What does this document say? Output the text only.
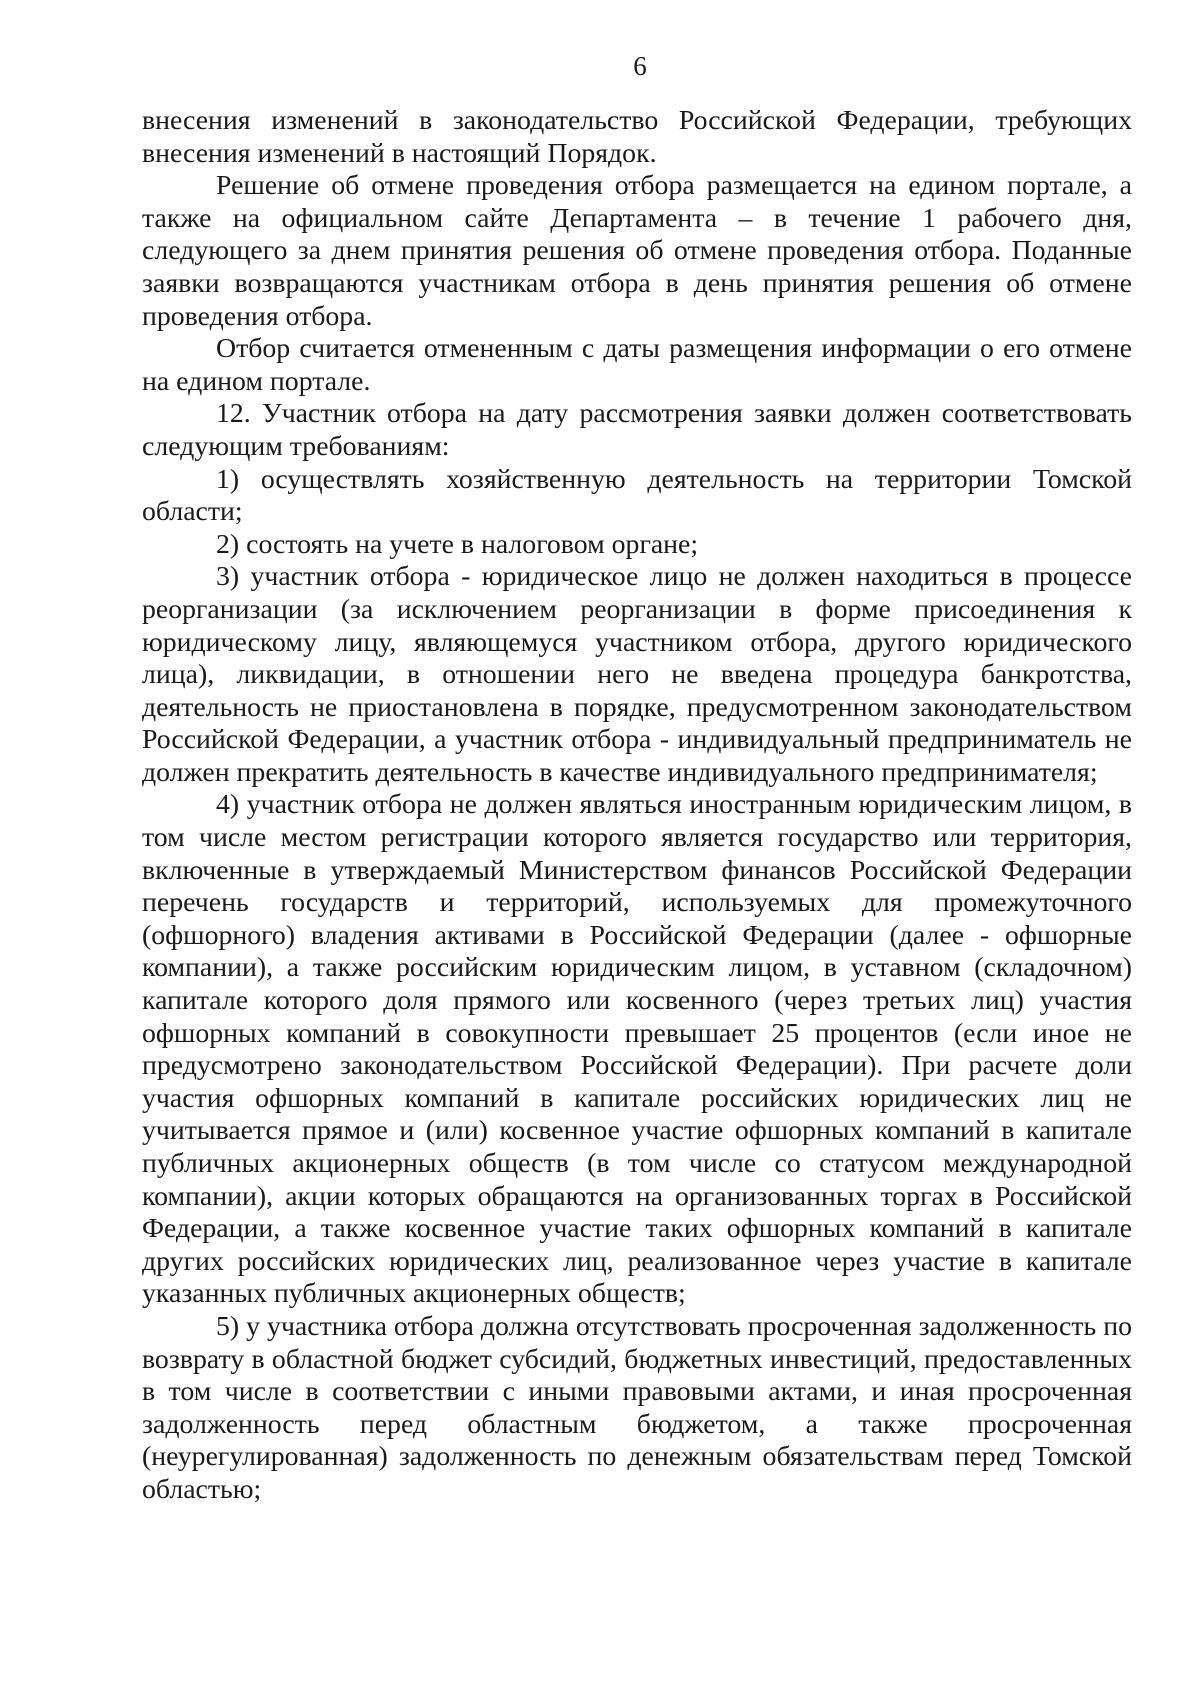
6

внесения изменений в законодательство Российской Федерации, требующих внесения изменений в настоящий Порядок.

Решение об отмене проведения отбора размещается на едином портале, а также на официальном сайте Департамента – в течение 1 рабочего дня, следующего за днем принятия решения об отмене проведения отбора. Поданные заявки возвращаются участникам отбора в день принятия решения об отмене проведения отбора.

Отбор считается отмененным с даты размещения информации о его отмене на едином портале.

12. Участник отбора на дату рассмотрения заявки должен соответствовать следующим требованиям:

1) осуществлять хозяйственную деятельность на территории Томской области;

2) состоять на учете в налоговом органе;

3) участник отбора - юридическое лицо не должен находиться в процессе реорганизации (за исключением реорганизации в форме присоединения к юридическому лицу, являющемуся участником отбора, другого юридического лица), ликвидации, в отношении него не введена процедура банкротства, деятельность не приостановлена в порядке, предусмотренном законодательством Российской Федерации, а участник отбора - индивидуальный предприниматель не должен прекратить деятельность в качестве индивидуального предпринимателя;

4) участник отбора не должен являться иностранным юридическим лицом, в том числе местом регистрации которого является государство или территория, включенные в утверждаемый Министерством финансов Российской Федерации перечень государств и территорий, используемых для промежуточного (офшорного) владения активами в Российской Федерации (далее - офшорные компании), а также российским юридическим лицом, в уставном (складочном) капитале которого доля прямого или косвенного (через третьих лиц) участия офшорных компаний в совокупности превышает 25 процентов (если иное не предусмотрено законодательством Российской Федерации). При расчете доли участия офшорных компаний в капитале российских юридических лиц не учитывается прямое и (или) косвенное участие офшорных компаний в капитале публичных акционерных обществ (в том числе со статусом международной компании), акции которых обращаются на организованных торгах в Российской Федерации, а также косвенное участие таких офшорных компаний в капитале других российских юридических лиц, реализованное через участие в капитале указанных публичных акционерных обществ;

5) у участника отбора должна отсутствовать просроченная задолженность по возврату в областной бюджет субсидий, бюджетных инвестиций, предоставленных в том числе в соответствии с иными правовыми актами, и иная просроченная задолженность перед областным бюджетом, а также просроченная (неурегулированная) задолженность по денежным обязательствам перед Томской областью;
